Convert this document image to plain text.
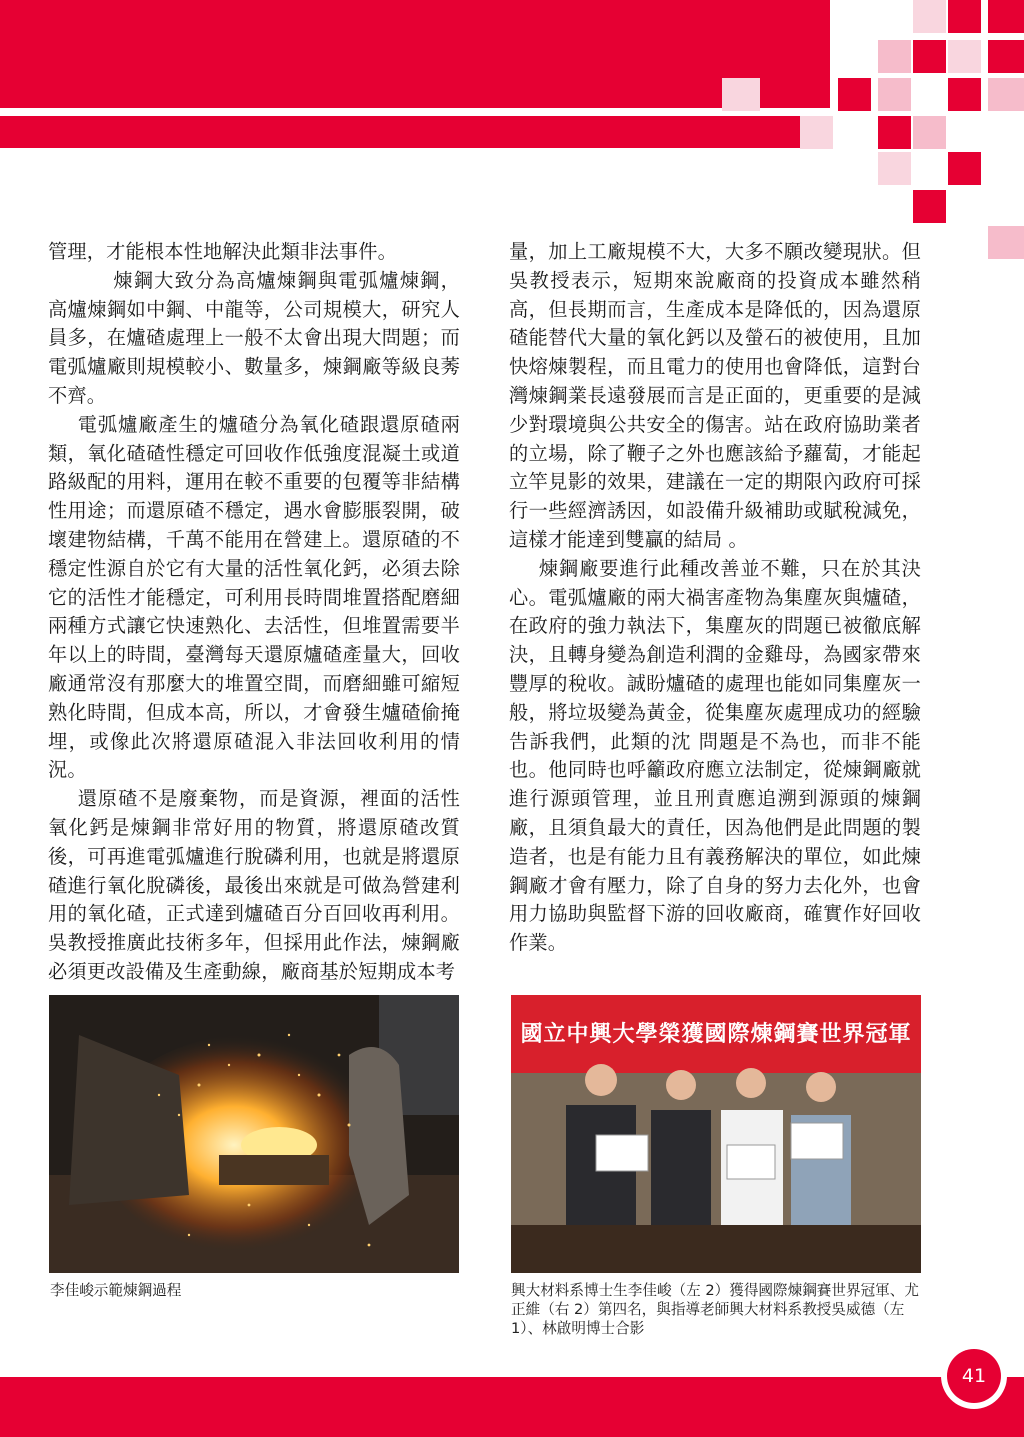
管理，才能根本性地解決此類非法事件。

煉鋼大致分為高爐煉鋼與電弧爐煉鋼，高爐煉鋼如中鋼、中龍等，公司規模大，研究人員多，在爐碴處理上一般不太會出現大問題；而電弧爐廠則規模較小、數量多，煉鋼廠等級良莠不齊。

電弧爐廠產生的爐碴分為氧化碴跟還原碴兩類，氧化碴碴性穩定可回收作低強度混凝土或道路級配的用料，運用在較不重要的包覆等非結構性用途；而還原碴不穩定，遇水會膨脹裂開，破壞建物結構，千萬不能用在營建上。還原碴的不穩定性源自於它有大量的活性氧化鈣，必須去除它的活性才能穩定，可利用長時間堆置搭配磨細兩種方式讓它快速熟化、去活性，但堆置需要半年以上的時間，臺灣每天還原爐碴產量大，回收廠通常沒有那麼大的堆置空間，而磨細雖可縮短熟化時間，但成本高，所以，才會發生爐碴偷掩埋，或像此次將還原碴混入非法回收利用的情況。

還原碴不是廢棄物，而是資源，裡面的活性氧化鈣是煉鋼非常好用的物質，將還原碴改質後，可再進電弧爐進行脫磷利用，也就是將還原碴進行氧化脫磷後，最後出來就是可做為營建利用的氧化碴，正式達到爐碴百分百回收再利用。吳教授推廣此技術多年，但採用此作法，煉鋼廠必須更改設備及生產動線，廠商基於短期成本考

量，加上工廠規模不大，大多不願改變現狀。但吳教授表示，短期來說廠商的投資成本雖然稍高，但長期而言，生產成本是降低的，因為還原碴能替代大量的氧化鈣以及螢石的被使用，且加快熔煉製程，而且電力的使用也會降低，這對台灣煉鋼業長遠發展而言是正面的，更重要的是減少對環境與公共安全的傷害。站在政府協助業者的立場，除了鞭子之外也應該給予蘿蔔，才能起立竿見影的效果，建議在一定的期限內政府可採行一些經濟誘因，如設備升級補助或賦稅減免，這樣才能達到雙贏的結局 。

煉鋼廠要進行此種改善並不難，只在於其決心。電弧爐廠的兩大禍害產物為集塵灰與爐碴，在政府的強力執法下，集塵灰的問題已被徹底解決，且轉身變為創造利潤的金雞母，為國家帶來豐厚的稅收。誠盼爐碴的處理也能如同集塵灰一般，將垃圾變為黃金，從集塵灰處理成功的經驗告訴我們，此類的沈 問題是不為也，而非不能也。他同時也呼籲政府應立法制定，從煉鋼廠就進行源頭管理，並且刑責應追溯到源頭的煉鋼廠，且須負最大的責任，因為他們是此問題的製造者，也是有能力且有義務解決的單位，如此煉鋼廠才會有壓力，除了自身的努力去化外，也會用力協助與監督下游的回收廠商，確實作好回收作業。

李佳峻示範煉鋼過程
國立中興大學榮獲國際煉鋼賽世界冠軍
興大材料系博士生李佳峻（左 2）獲得國際煉鋼賽世界冠軍、尤正維（右 2）第四名，與指導老師興大材料系教授吳威德（左 1）、林啟明博士合影
41
